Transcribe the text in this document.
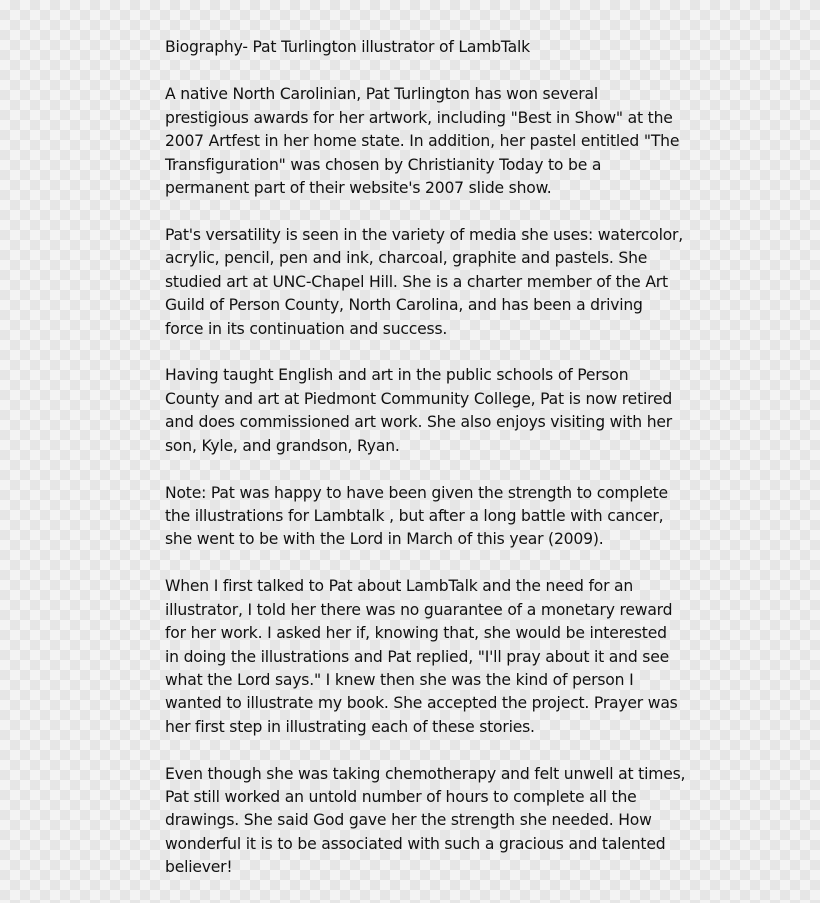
Biography- Pat Turlington illustrator of LambTalk
A native North Carolinian, Pat Turlington has won several
prestigious awards for her artwork, including "Best in Show" at the
2007 Artfest in her home state. In addition, her pastel entitled "The
Transfiguration" was chosen by Christianity Today to be a
permanent part of their website's 2007 slide show.
Pat's versatility is seen in the variety of media she uses: watercolor,
acrylic, pencil, pen and ink, charcoal, graphite and pastels. She
studied art at UNC-Chapel Hill. She is a charter member of the Art
Guild of Person County, North Carolina, and has been a driving
force in its continuation and success.
Having taught English and art in the public schools of Person
County and art at Piedmont Community College, Pat is now retired
and does commissioned art work. She also enjoys visiting with her
son, Kyle, and grandson, Ryan.
Note: Pat was happy to have been given the strength to complete
the illustrations for Lambtalk , but after a long battle with cancer,
she went to be with the Lord in March of this year (2009).
When I first talked to Pat about LambTalk and the need for an
illustrator, I told her there was no guarantee of a monetary reward
for her work. I asked her if, knowing that, she would be interested
in doing the illustrations and Pat replied, "I'll pray about it and see
what the Lord says." I knew then she was the kind of person I
wanted to illustrate my book. She accepted the project. Prayer was
her first step in illustrating each of these stories.
Even though she was taking chemotherapy and felt unwell at times,
Pat still worked an untold number of hours to complete all the
drawings. She said God gave her the strength she needed. How
wonderful it is to be associated with such a gracious and talented
believer!
